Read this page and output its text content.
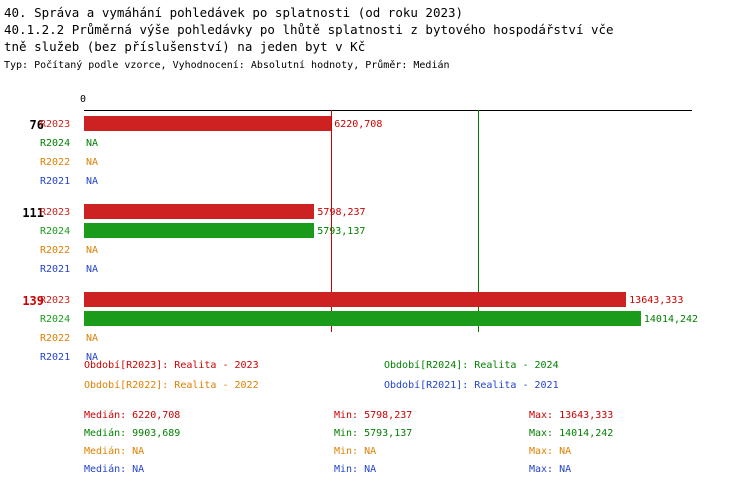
40. Správa a vymáhání pohledávek po splatnosti (od roku 2023)
40.1.2.2 Průměrná výše pohledávky po lhůtě splatnosti z bytového hospodářství vče
tně služeb (bez příslušenství) na jeden byt v Kč
Typ: Počítaný podle vzorce, Vyhodnocení: Absolutní hodnoty, Průměr: Medián
0
76
R2023	6220,708
R2024	NA
R2022	NA
R2021	NA
111
R2023	5798,237
R2024	5793,137
R2022	NA
R2021	NA
139
R2023	13643,333
R2024	14014,242
R2022	NA
R2021	NA
Období[R2023]: Realita - 2023	Období[R2024]: Realita - 2024
Období[R2022]: Realita - 2022	Období[R2021]: Realita - 2021
Medián: 6220,708	Min: 5798,237	Max: 13643,333
Medián: 9903,689	Min: 5793,137	Max: 14014,242
Medián: NA	Min: NA	Max: NA
Medián: NA	Min: NA	Max: NA
